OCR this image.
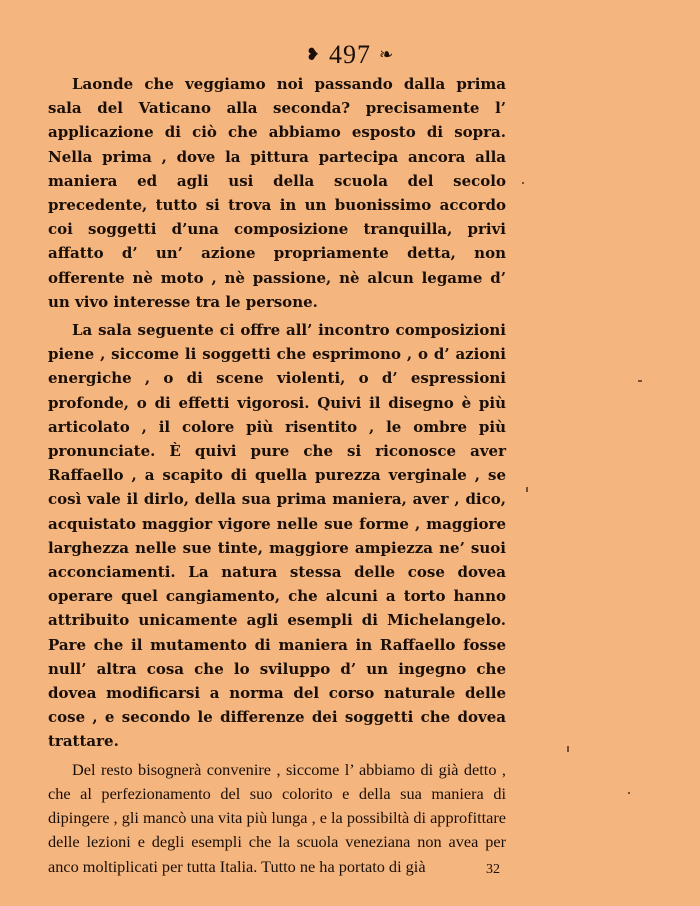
❥ 497 ❧

Laonde che veggiamo noi passando dalla prima sala del Vaticano alla seconda? precisamente l’ applicazione di ciò che abbiamo esposto di sopra. Nella prima , dove la pittura partecipa ancora alla maniera ed agli usi della scuola del secolo precedente, tutto si trova in un buonissimo accordo coi soggetti d’una composizione tranquilla, privi affatto d’ un’ azione propriamente detta, non offerente nè moto , nè passione, nè alcun legame d’ un vivo interesse tra le persone.

La sala seguente ci offre all’ incontro composizioni piene , siccome li soggetti che esprimono , o d’ azioni energiche , o di scene violenti, o d’ espressioni profonde, o di effetti vigorosi. Quivi il disegno è più articolato , il colore più risentito , le ombre più pronunciate. È quivi pure che si riconosce aver Raffaello , a scapito di quella purezza verginale , se così vale il dirlo, della sua prima maniera, aver , dico, acquistato maggior vigore nelle sue forme , maggiore larghezza nelle sue tinte, maggiore ampiezza ne’ suoi acconciamenti. La natura stessa delle cose dovea operare quel cangiamento, che alcuni a torto hanno attribuito unicamente agli esempli di Michelangelo. Pare che il mutamento di maniera in Raffaello fosse null’ altra cosa che lo sviluppo d’ un ingegno che dovea modificarsi a norma del corso naturale delle cose , e secondo le differenze dei soggetti che dovea trattare.

Del resto bisognerà convenire , siccome l’ abbiamo di già detto , che al perfezionamento del suo colorito e della sua maniera di dipingere , gli mancò una vita più lunga , e la possibiltà di approfittare delle lezioni e degli esempli che la scuola veneziana non avea per anco moltiplicati per tutta Italia. Tutto ne ha portato di già	32
